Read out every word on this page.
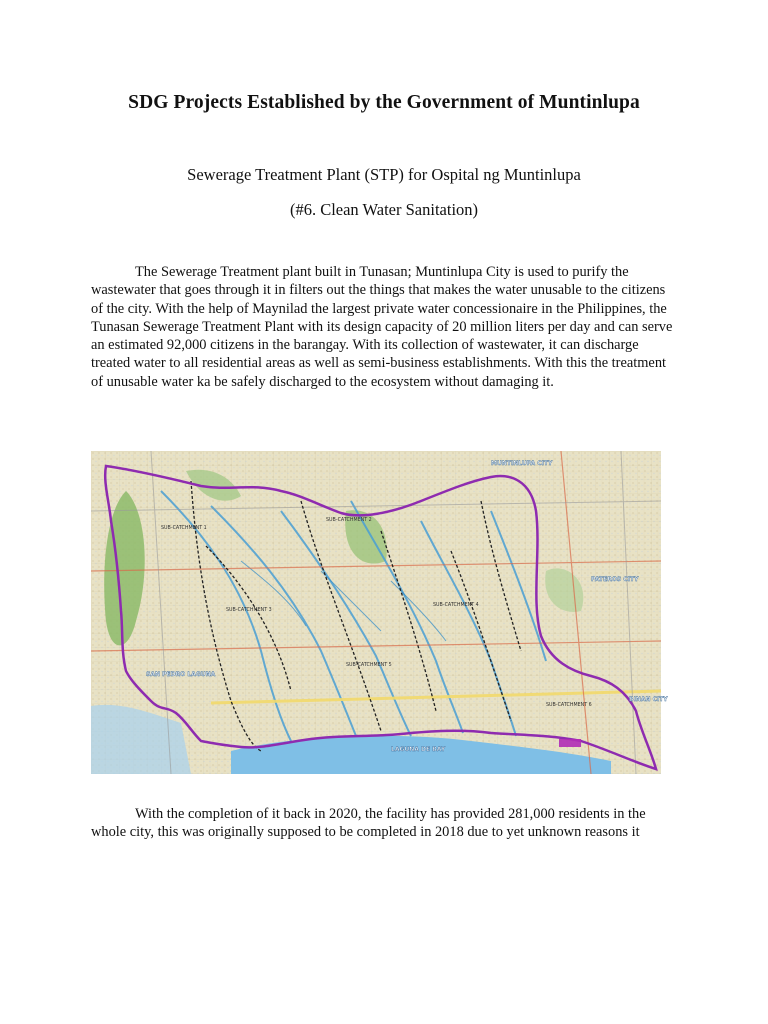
SDG Projects Established by the Government of Muntinlupa
Sewerage Treatment Plant (STP) for Ospital ng Muntinlupa
(#6. Clean Water Sanitation)

The Sewerage Treatment plant built in Tunasan; Muntinlupa City is used to purify the wastewater that goes through it in filters out the things that makes the water unusable to the citizens of the city. With the help of Maynilad the largest private water concessionaire in the Philippines, the Tunasan Sewerage Treatment Plant with its design capacity of 20 million liters per day and can serve an estimated 92,000 citizens in the barangay. With its collection of wastewater, it can discharge treated water to all residential areas as well as semi-business establishments. With this the treatment of unusable water ka be safely discharged to the ecosystem without damaging it.

SUB-CATCHMENT 1
SUB-CATCHMENT 2
SUB-CATCHMENT 3
SUB-CATCHMENT 4
SUB-CATCHMENT 5
SUB-CATCHMENT 6
SAN PEDRO LAGUNA
LAGUNA DE BAY
MUNTINLUPA CITY
PATEROS CITY
BINAN CITY

With the completion of it back in 2020, the facility has provided 281,000 residents in the whole city, this was originally supposed to be completed in 2018 due to yet unknown reasons it
